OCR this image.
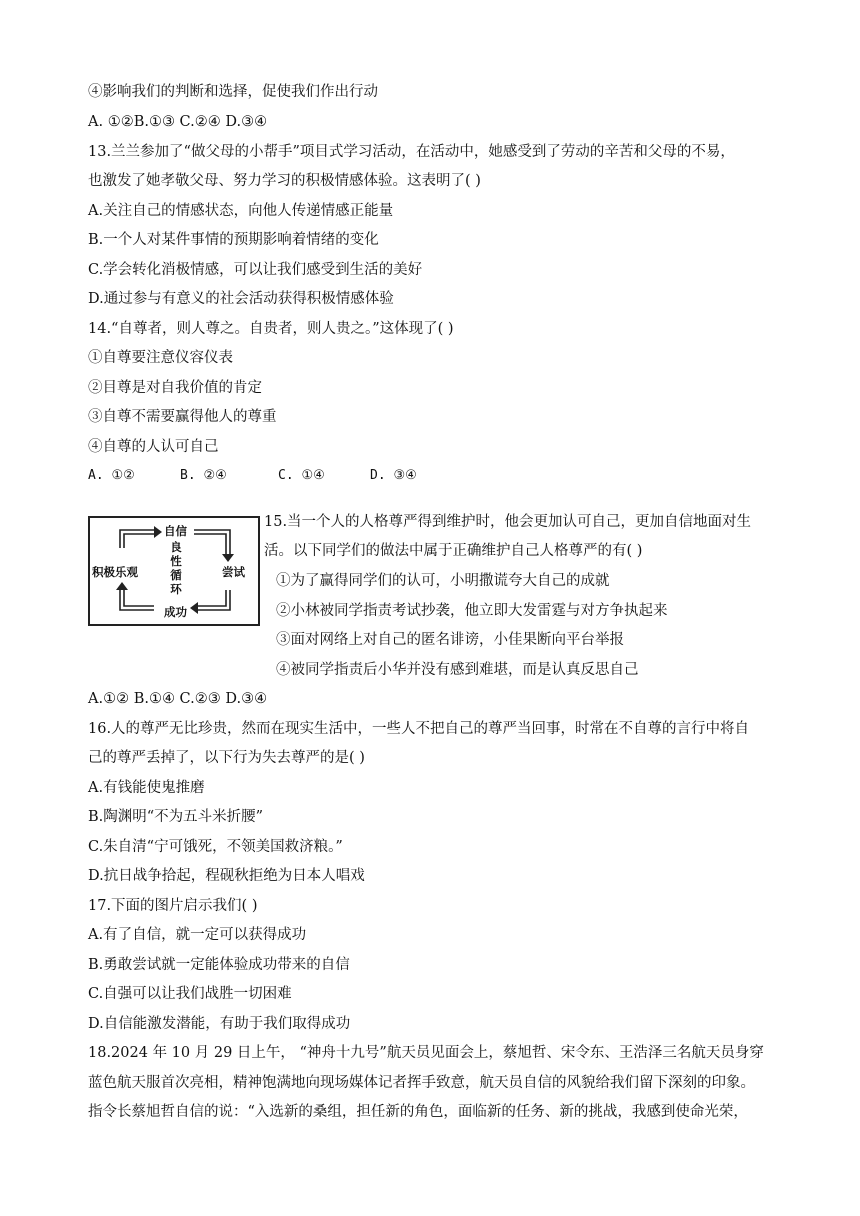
④影响我们的判断和选择，促使我们作出行动
A. ①②B.①③ C.②④ D.③④
13.兰兰参加了“做父母的小帮手”项目式学习活动，在活动中，她感受到了劳动的辛苦和父母的不易，
也激发了她孝敬父母、努力学习的积极情感体验。这表明了( )
A.关注自己的情感状态，向他人传递情感正能量
B.一个人对某件事情的预期影响着情绪的变化
C.学会转化消极情感，可以让我们感受到生活的美好
D.通过参与有意义的社会活动获得积极情感体验
14.“自尊者，则人尊之。自贵者，则人贵之。”这体现了( )
①自尊要注意仪容仪表
②目尊是对自我价值的肯定
③自尊不需要赢得他人的尊重
④自尊的人认可自己
A. ①②	B. ②④	C. ①④	D. ③④
自信
尝试
成功
积极乐观
良
性
循
环
15.当一个人的人格尊严得到维护时，他会更加认可自己，更加自信地面对生
活。以下同学们的做法中属于正确维护自己人格尊严的有( )
①为了赢得同学们的认可，小明撒谎夸大自己的成就
②小林被同学指责考试抄袭，他立即大发雷霆与对方争执起来
③面对网络上对自己的匿名诽谤，小佳果断向平台举报
④被同学指责后小华并没有感到难堪，而是认真反思自己
A.①② B.①④ C.②③ D.③④
16.人的尊严无比珍贵，然而在现实生活中，一些人不把自己的尊严当回事，时常在不自尊的言行中将自
己的尊严丢掉了，以下行为失去尊严的是( )
A.有钱能使鬼推磨
B.陶渊明“不为五斗米折腰”
C.朱自清“宁可饿死，不领美国救济粮。”
D.抗日战争拾起，程砚秋拒绝为日本人唱戏
17.下面的图片启示我们( )
A.有了自信，就一定可以获得成功
B.勇敢尝试就一定能体验成功带来的自信
C.自强可以让我们战胜一切困难
D.自信能激发潜能，有助于我们取得成功
18.2024 年 10 月 29 日上午， “神舟十九号”航天员见面会上，蔡旭哲、宋令东、王浩泽三名航天员身穿
蓝色航天服首次亮相，精神饱满地向现场媒体记者挥手致意，航天员自信的风貌给我们留下深刻的印象。
指令长蔡旭哲自信的说：“入选新的桑组，担任新的角色，面临新的任务、新的挑战，我感到使命光荣，
